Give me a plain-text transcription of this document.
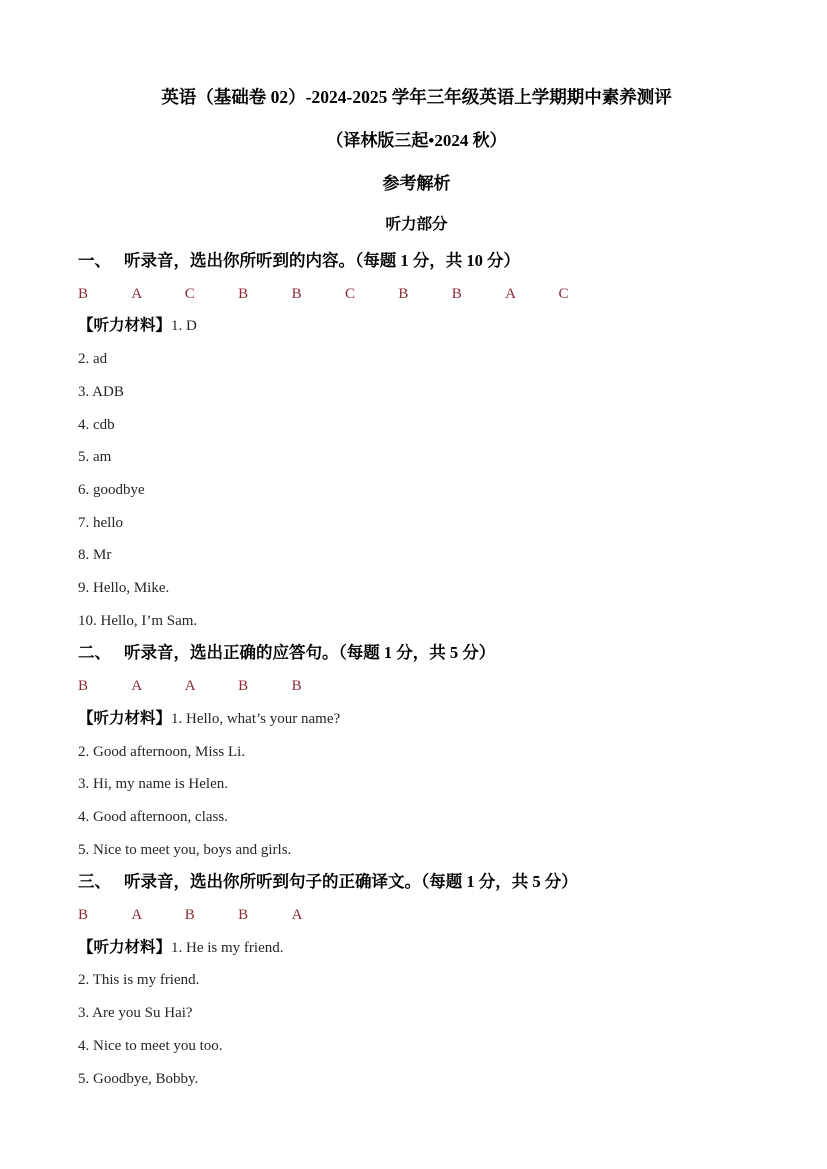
英语（基础卷 02）-2024-2025 学年三年级英语上学期期中素养测评

（译林版三起•2024 秋）

参考解析

听力部分

一、 听录音，选出你所听到的内容。（每题 1 分，共 10 分）

B	A	C	B	B	C	B	B	A	C

【听力材料】1. D

2. ad

3. ADB

4. cdb

5. am

6. goodbye

7. hello

8. Mr

9. Hello, Mike.

10. Hello, I’m Sam.

二、 听录音，选出正确的应答句。（每题 1 分，共 5 分）

B	A	A	B	B

【听力材料】1. Hello, what’s your name?

2. Good afternoon, Miss Li.

3. Hi, my name is Helen.

4. Good afternoon, class.

5. Nice to meet you, boys and girls.

三、 听录音，选出你所听到句子的正确译文。（每题 1 分，共 5 分）

B	A	B	B	A

【听力材料】1. He is my friend.

2. This is my friend.

3. Are you Su Hai?

4. Nice to meet you too.

5. Goodbye, Bobby.
